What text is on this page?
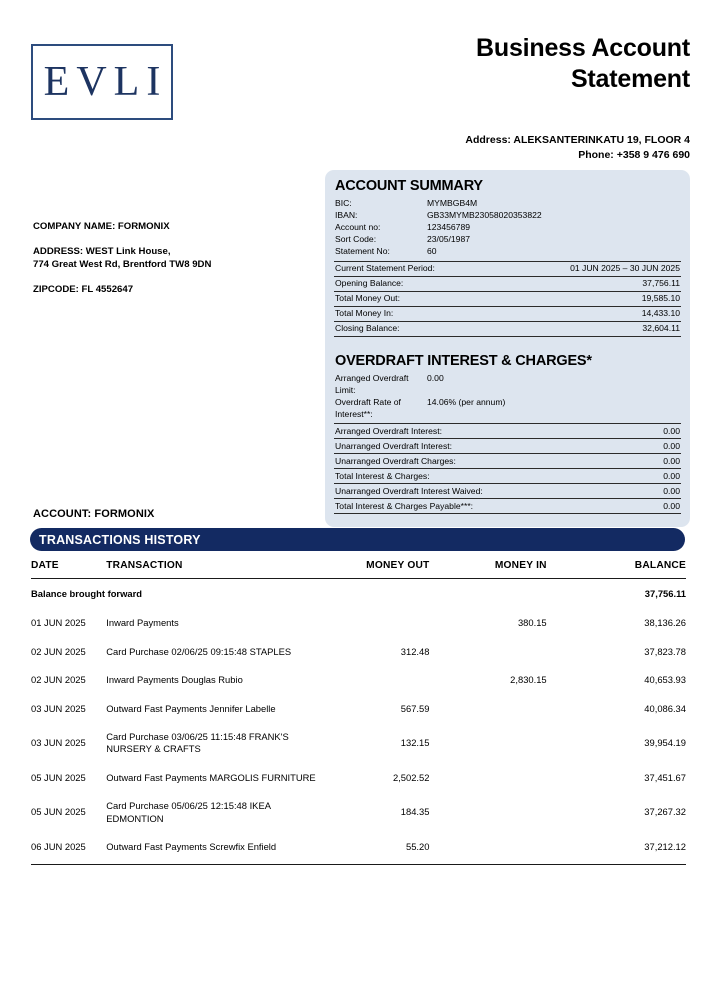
EVLI
Business Account
Statement
Address: ALEKSANTERINKATU 19, FLOOR 4
Phone: +358 9 476 690
COMPANY NAME: FORMONIX
ADDRESS: WEST Link House,
774 Great West Rd, Brentford TW8 9DN
ZIPCODE: FL 4552647
ACCOUNT SUMMARY
BIC:	MYMBGB4M
IBAN:	GB33MYMB23058020353822
Account no:	123456789
Sort Code:	23/05/1987
Statement No:	60
Current Statement Period:	01 JUN 2025 – 30 JUN 2025
Opening Balance:	37,756.11
Total Money Out:	19,585.10
Total Money In:	14,433.10
Closing Balance:	32,604.11
OVERDRAFT INTEREST & CHARGES*
Arranged Overdraft Limit:
0.00
Overdraft Rate of Interest**:
14.06% (per annum)
Arranged Overdraft Interest:	0.00
Unarranged Overdraft Interest:	0.00
Unarranged Overdraft Charges:	0.00
Total Interest & Charges:	0.00
Unarranged Overdraft Interest Waived:	0.00
Total Interest & Charges Payable***:	0.00
ACCOUNT: FORMONIX
TRANSACTIONS HISTORY
DATE	TRANSACTION	MONEY OUT	MONEY IN	BALANCE
Balance brought forward				37,756.11
01 JUN 2025	Inward Payments		380.15	38,136.26
02 JUN 2025	Card Purchase 02/06/25 09:15:48 STAPLES	312.48		37,823.78
02 JUN 2025	Inward Payments Douglas Rubio		2,830.15	40,653.93
03 JUN 2025	Outward Fast Payments Jennifer Labelle	567.59		40,086.34
03 JUN 2025	Card Purchase 03/06/25 11:15:48 FRANK'S NURSERY & CRAFTS	132.15		39,954.19
05 JUN 2025	Outward Fast Payments MARGOLIS FURNITURE	2,502.52		37,451.67
05 JUN 2025	Card Purchase 05/06/25 12:15:48 IKEA EDMONTION	184.35		37,267.32
06 JUN 2025	Outward Fast Payments Screwfix Enfield	55.20		37,212.12
